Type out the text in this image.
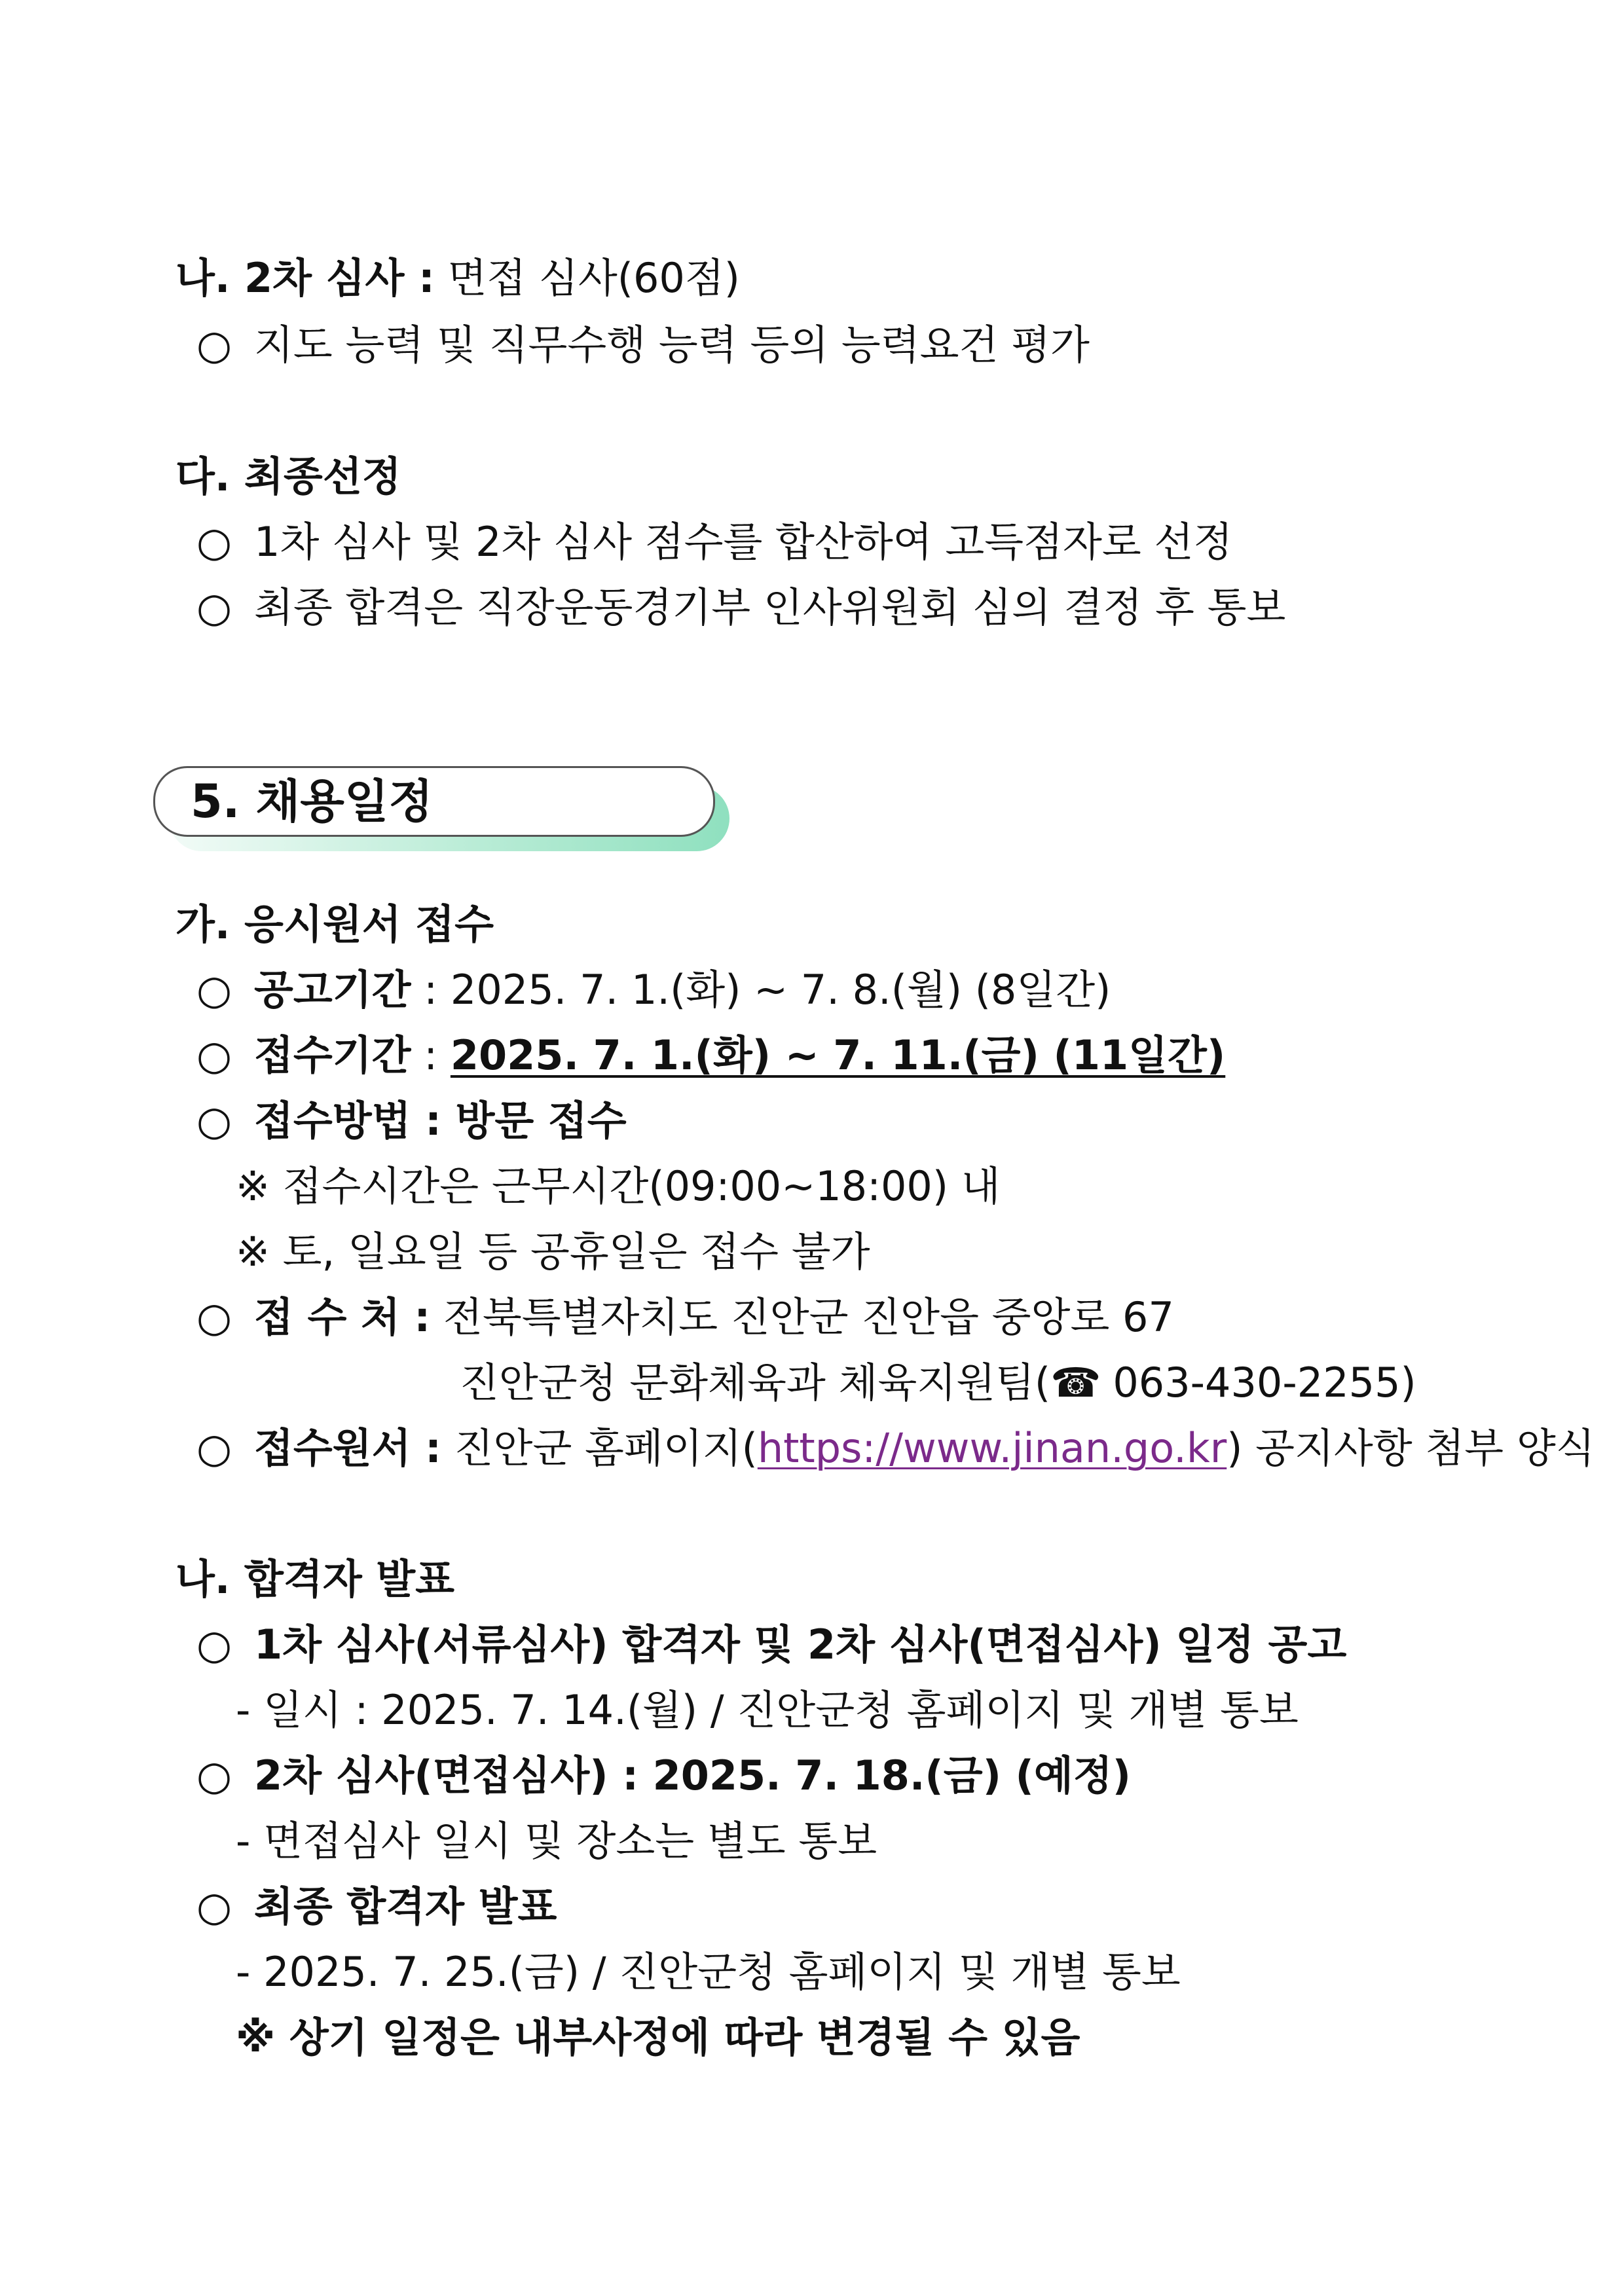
나. 2차 심사 : 면접 심사(60점)
○ 지도 능력 및 직무수행 능력 등의 능력요건 평가
다. 최종선정
○ 1차 심사 및 2차 심사 점수를 합산하여 고득점자로 선정
○ 최종 합격은 직장운동경기부 인사위원회 심의 결정 후 통보
5. 채용일정
가. 응시원서 접수
○ 공고기간 : 2025. 7. 1.(화) ~ 7. 8.(월) (8일간)
○ 접수기간 : 2025. 7. 1.(화) ~ 7. 11.(금) (11일간)
○ 접수방법 : 방문 접수
※ 접수시간은 근무시간(09:00~18:00) 내
※ 토, 일요일 등 공휴일은 접수 불가
○ 접 수 처 : 전북특별자치도 진안군 진안읍 중앙로 67
진안군청 문화체육과 체육지원팀(☎ 063-430-2255)
○ 접수원서 : 진안군 홈페이지(https://www.jinan.go.kr) 공지사항 첨부 양식
나. 합격자 발표
○ 1차 심사(서류심사) 합격자 및 2차 심사(면접심사) 일정 공고
- 일시 : 2025. 7. 14.(월) / 진안군청 홈페이지 및 개별 통보
○ 2차 심사(면접심사) : 2025. 7. 18.(금) (예정)
- 면접심사 일시 및 장소는 별도 통보
○ 최종 합격자 발표
- 2025. 7. 25.(금) / 진안군청 홈페이지 및 개별 통보
※ 상기 일정은 내부사정에 따라 변경될 수 있음
